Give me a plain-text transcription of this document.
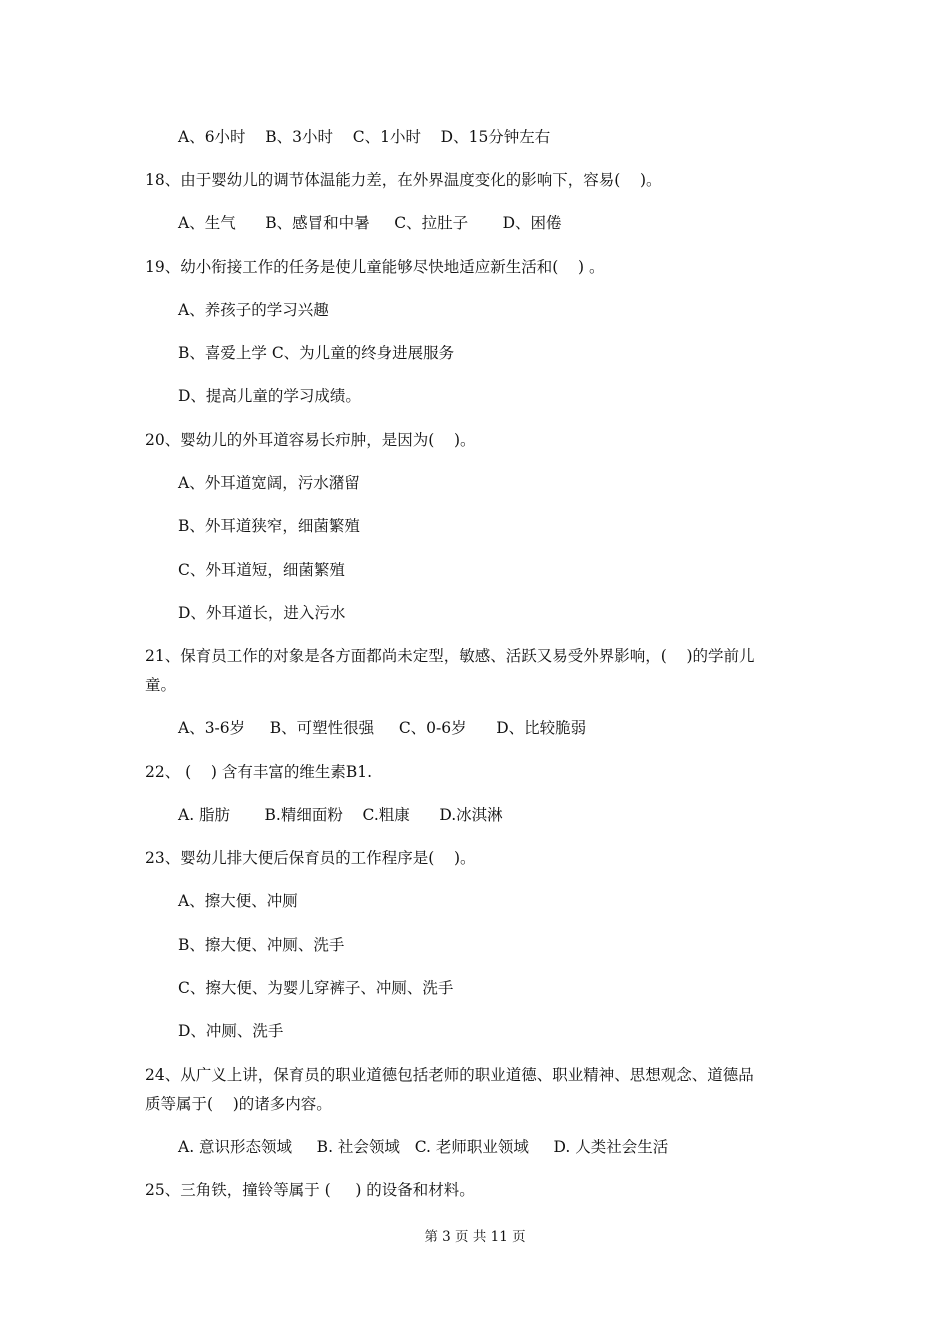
A、6小时    B、3小时    C、1小时    D、15分钟左右
18、由于婴幼儿的调节体温能力差，在外界温度变化的影响下，容易(    )。
A、生气      B、感冒和中暑     C、拉肚子       D、困倦
19、幼小衔接工作的任务是使儿童能够尽快地适应新生活和(    ) 。
A、养孩子的学习兴趣
B、喜爱上学 C、为儿童的终身进展服务
D、提高儿童的学习成绩。
20、婴幼儿的外耳道容易长疖肿，是因为(    )。
A、外耳道宽阔，污水潴留
B、外耳道狭窄，细菌繁殖
C、外耳道短，细菌繁殖
D、外耳道长，进入污水
21、保育员工作的对象是各方面都尚未定型，敏感、活跃又易受外界影响，(    )的学前儿
童。
A、3-6岁     B、可塑性很强     C、0-6岁      D、比较脆弱
22、 (    ) 含有丰富的维生素B1.
A. 脂肪       B.精细面粉    C.粗康      D.冰淇淋
23、婴幼儿排大便后保育员的工作程序是(    )。
A、擦大便、冲厕
B、擦大便、冲厕、洗手
C、擦大便、为婴儿穿裤子、冲厕、洗手
D、冲厕、洗手
24、从广义上讲，保育员的职业道德包括老师的职业道德、职业精神、思想观念、道德品
质等属于(    )的诸多内容。
A. 意识形态领域     B. 社会领域   C. 老师职业领域     D. 人类社会生活
25、三角铁，撞铃等属于 (     ) 的设备和材料。
第 3 页 共 11 页
